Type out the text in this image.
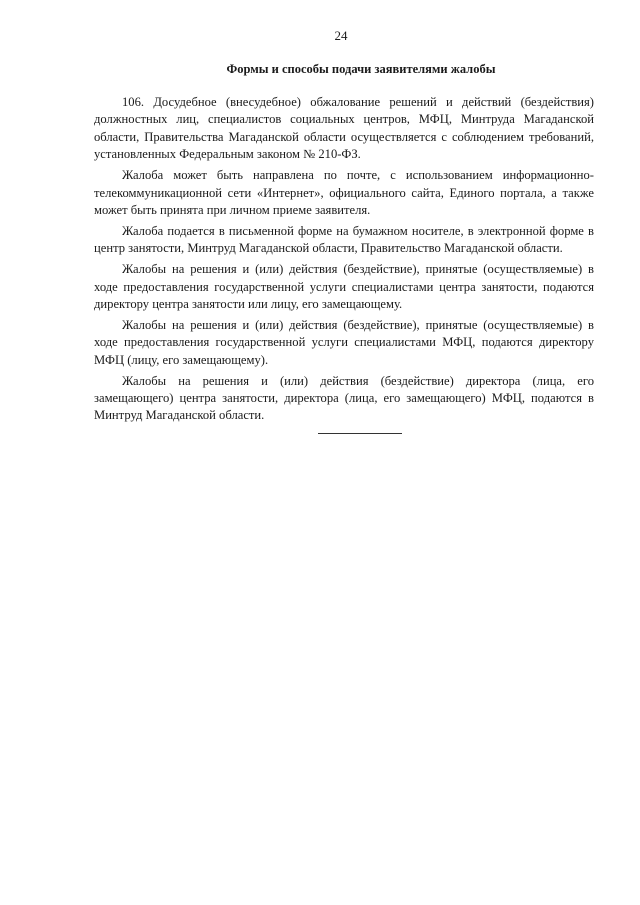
24
Формы и способы подачи заявителями жалобы

106. Досудебное (внесудебное) обжалование решений и действий (бездействия) должностных лиц, специалистов социальных центров, МФЦ, Минтруда Магаданской области, Правительства Магаданской области осуществляется с соблюдением требований, установленных Федеральным законом № 210-ФЗ.

Жалоба может быть направлена по почте, с использованием информационно-телекоммуникационной сети «Интернет», официального сайта, Единого портала, а также может быть принята при личном приеме заявителя.

Жалоба подается в письменной форме на бумажном носителе, в электронной форме в центр занятости, Минтруд Магаданской области, Правительство Магаданской области.

Жалобы на решения и (или) действия (бездействие), принятые (осуществляемые) в ходе предоставления государственной услуги специалистами центра занятости, подаются директору центра занятости или лицу, его замещающему.

Жалобы на решения и (или) действия (бездействие), принятые (осуществляемые) в ходе предоставления государственной услуги специалистами МФЦ, подаются директору МФЦ (лицу, его замещающему).

Жалобы на решения и (или) действия (бездействие) директора (лица, его замещающего) центра занятости, директора (лица, его замещающего) МФЦ, подаются в Минтруд Магаданской области.
